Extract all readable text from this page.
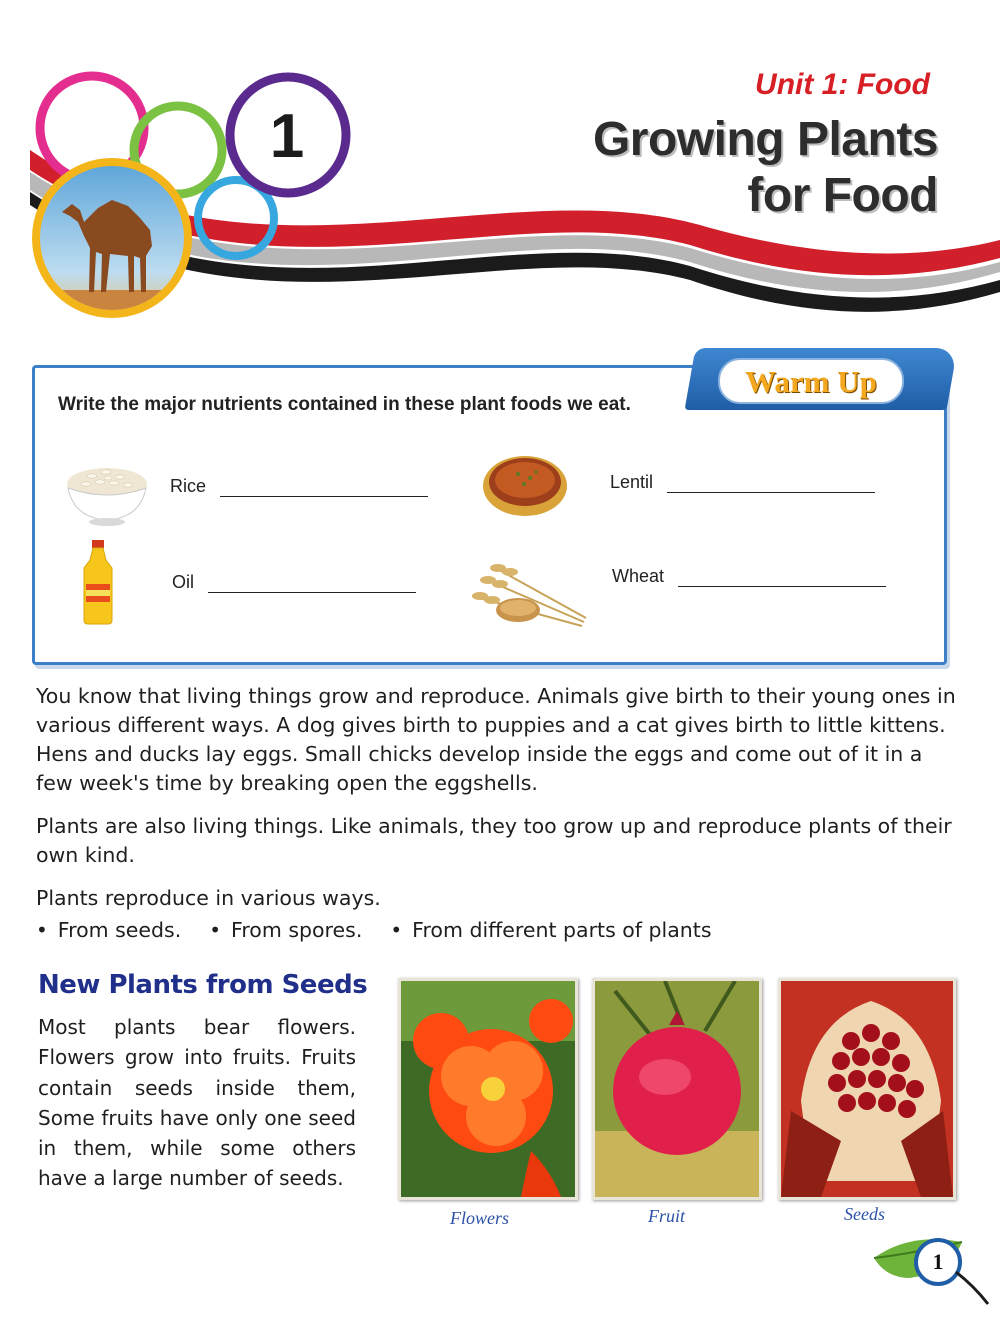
Unit 1: Food
1	Growing Plants
for Food
Warm Up
Write the major nutrients contained in these plant foods we eat.
Rice	Lentil
Oil	Wheat

You know that living things grow and reproduce. Animals give birth to their young ones in various different ways. A dog gives birth to puppies and a cat gives birth to little kittens. Hens and ducks lay eggs. Small chicks develop inside the eggs and come out of it in a few week's time by breaking open the eggshells.

Plants are also living things. Like animals, they too grow up and reproduce plants of their own kind.

Plants reproduce in various ways.

• From seeds.	• From spores.	• From different parts of plants
New Plants from Seeds

Most plants bear flowers. Flowers grow into fruits. Fruits contain seeds inside them, Some fruits have only one seed in them, while some others have a large number of seeds.

Flowers	Fruit	Seeds
1
